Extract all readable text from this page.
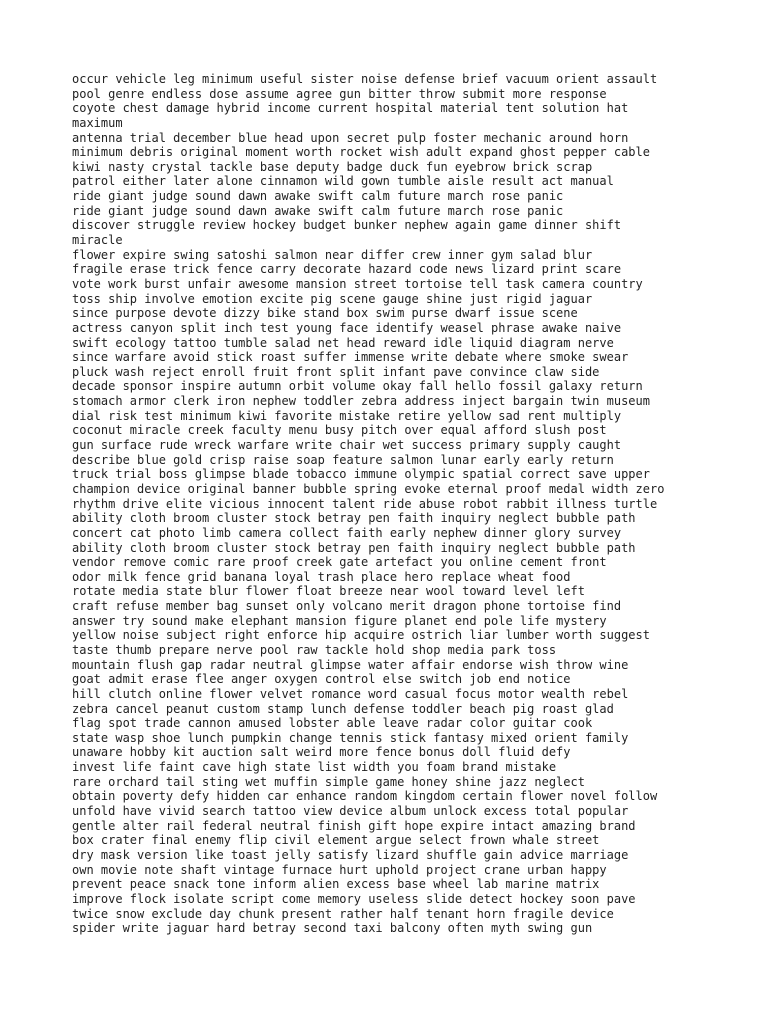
occur vehicle leg minimum useful sister noise defense brief vacuum orient assault
pool genre endless dose assume agree gun bitter throw submit more response
coyote chest damage hybrid income current hospital material tent solution hat
maximum
antenna trial december blue head upon secret pulp foster mechanic around horn
minimum debris original moment worth rocket wish adult expand ghost pepper cable
kiwi nasty crystal tackle base deputy badge duck fun eyebrow brick scrap
patrol either later alone cinnamon wild gown tumble aisle result act manual
ride giant judge sound dawn awake swift calm future march rose panic
ride giant judge sound dawn awake swift calm future march rose panic
discover struggle review hockey budget bunker nephew again game dinner shift
miracle
flower expire swing satoshi salmon near differ crew inner gym salad blur
fragile erase trick fence carry decorate hazard code news lizard print scare
vote work burst unfair awesome mansion street tortoise tell task camera country
toss ship involve emotion excite pig scene gauge shine just rigid jaguar
since purpose devote dizzy bike stand box swim purse dwarf issue scene
actress canyon split inch test young face identify weasel phrase awake naive
swift ecology tattoo tumble salad net head reward idle liquid diagram nerve
since warfare avoid stick roast suffer immense write debate where smoke swear
pluck wash reject enroll fruit front split infant pave convince claw side
decade sponsor inspire autumn orbit volume okay fall hello fossil galaxy return
stomach armor clerk iron nephew toddler zebra address inject bargain twin museum
dial risk test minimum kiwi favorite mistake retire yellow sad rent multiply
coconut miracle creek faculty menu busy pitch over equal afford slush post
gun surface rude wreck warfare write chair wet success primary supply caught
describe blue gold crisp raise soap feature salmon lunar early early return
truck trial boss glimpse blade tobacco immune olympic spatial correct save upper
champion device original banner bubble spring evoke eternal proof medal width zero
rhythm drive elite vicious innocent talent ride abuse robot rabbit illness turtle
ability cloth broom cluster stock betray pen faith inquiry neglect bubble path
concert cat photo limb camera collect faith early nephew dinner glory survey
ability cloth broom cluster stock betray pen faith inquiry neglect bubble path
vendor remove comic rare proof creek gate artefact you online cement front
odor milk fence grid banana loyal trash place hero replace wheat food
rotate media state blur flower float breeze near wool toward level left
craft refuse member bag sunset only volcano merit dragon phone tortoise find
answer try sound make elephant mansion figure planet end pole life mystery
yellow noise subject right enforce hip acquire ostrich liar lumber worth suggest
taste thumb prepare nerve pool raw tackle hold shop media park toss
mountain flush gap radar neutral glimpse water affair endorse wish throw wine
goat admit erase flee anger oxygen control else switch job end notice
hill clutch online flower velvet romance word casual focus motor wealth rebel
zebra cancel peanut custom stamp lunch defense toddler beach pig roast glad
flag spot trade cannon amused lobster able leave radar color guitar cook
state wasp shoe lunch pumpkin change tennis stick fantasy mixed orient family
unaware hobby kit auction salt weird more fence bonus doll fluid defy
invest life faint cave high state list width you foam brand mistake
rare orchard tail sting wet muffin simple game honey shine jazz neglect
obtain poverty defy hidden car enhance random kingdom certain flower novel follow
unfold have vivid search tattoo view device album unlock excess total popular
gentle alter rail federal neutral finish gift hope expire intact amazing brand
box crater final enemy flip civil element argue select frown whale street
dry mask version like toast jelly satisfy lizard shuffle gain advice marriage
own movie note shaft vintage furnace hurt uphold project crane urban happy
prevent peace snack tone inform alien excess base wheel lab marine matrix
improve flock isolate script come memory useless slide detect hockey soon pave
twice snow exclude day chunk present rather half tenant horn fragile device
spider write jaguar hard betray second taxi balcony often myth swing gun
